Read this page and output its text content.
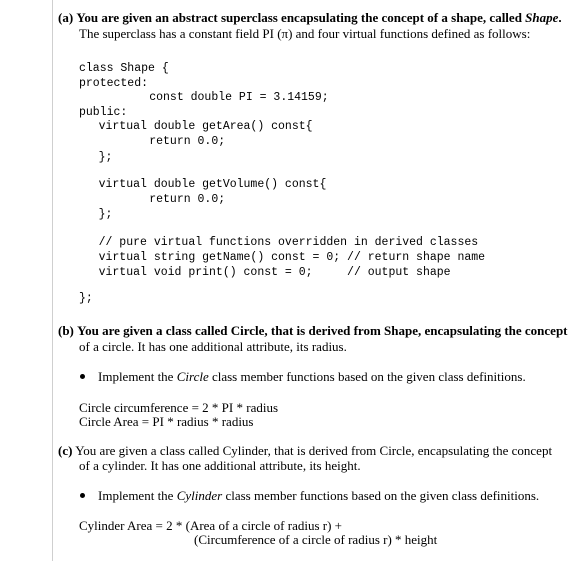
(a) You are given an abstract superclass encapsulating the concept of a shape, called Shape.
The superclass has a constant field PI (π) and four virtual functions defined as follows:
class Shape {
protected:
const double PI = 3.14159;
public:
virtual double getArea() const{
return 0.0;
};
virtual double getVolume() const{
return 0.0;
};
// pure virtual functions overridden in derived classes
virtual string getName() const = 0; // return shape name
virtual void print() const = 0;     // output shape
};
(b) You are given a class called Circle, that is derived from Shape, encapsulating the concept
of a circle. It has one additional attribute, its radius.
Implement the Circle class member functions based on the given class definitions.
Circle circumference = 2 * PI * radius
Circle Area = PI * radius * radius
(c) You are given a class called Cylinder, that is derived from Circle, encapsulating the concept
of a cylinder. It has one additional attribute, its height.
Implement the Cylinder class member functions based on the given class definitions.
Cylinder Area = 2 * (Area of a circle of radius r) +
(Circumference of a circle of radius r) * height
